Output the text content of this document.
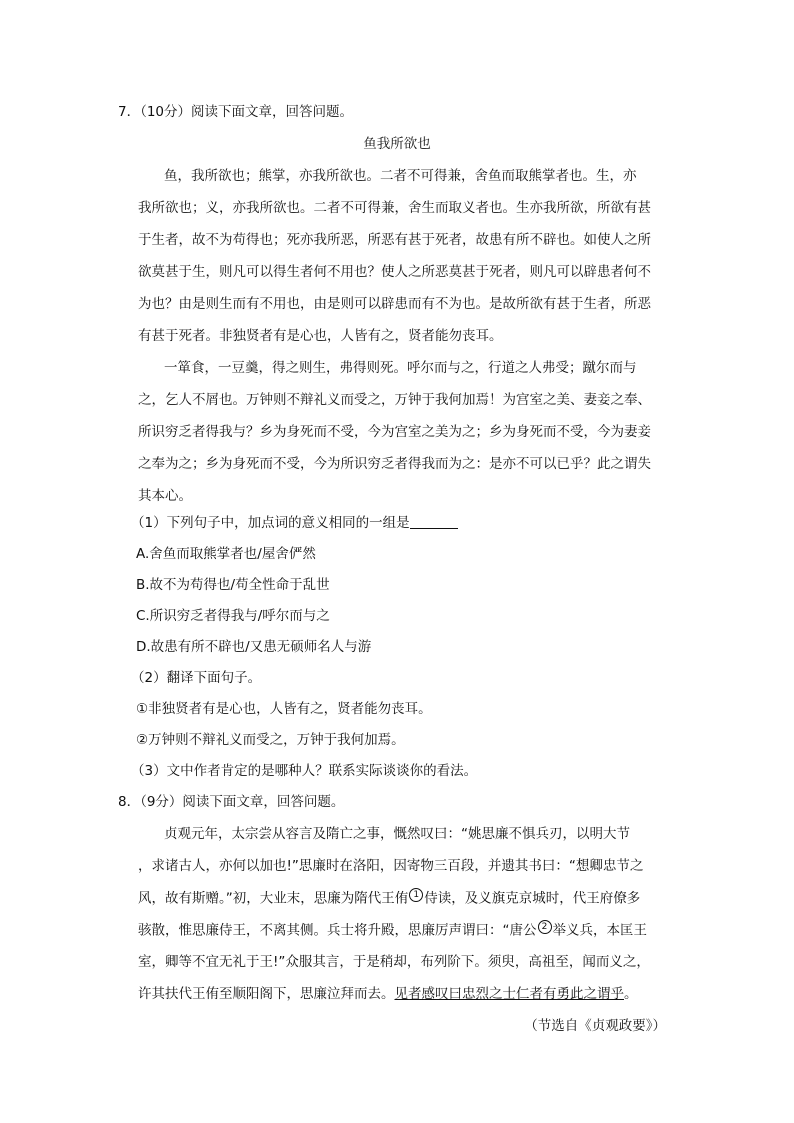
7．（10分）阅读下面文章，回答问题。
鱼我所欲也
鱼，我所欲也；熊掌，亦我所欲也。二者不可得兼，舍鱼而取熊掌者也。生，亦
我所欲也；义，亦我所欲也。二者不可得兼，舍生而取义者也。生亦我所欲，所欲有甚
于生者，故不为苟得也；死亦我所恶，所恶有甚于死者，故患有所不辟也。如使人之所
欲莫甚于生，则凡可以得生者何不用也？使人之所恶莫甚于死者，则凡可以辟患者何不
为也？由是则生而有不用也，由是则可以辟患而有不为也。是故所欲有甚于生者，所恶
有甚于死者。非独贤者有是心也，人皆有之，贤者能勿丧耳。
一箪食，一豆羹，得之则生，弗得则死。呼尔而与之，行道之人弗受；蹴尔而与
之，乞人不屑也。万钟则不辩礼义而受之，万钟于我何加焉！为宫室之美、妻妾之奉、
所识穷乏者得我与？乡为身死而不受，今为宫室之美为之；乡为身死而不受，今为妻妾
之奉为之；乡为身死而不受，今为所识穷乏者得我而为之：是亦不可以已乎？此之谓失
其本心。
（1）下列句子中，加点词的意义相同的一组是
A.舍鱼而取熊掌者也/屋舍俨然
B.故不为苟得也/苟全性命于乱世
C.所识穷乏者得我与/呼尔而与之
D.故患有所不辟也/又患无硕师名人与游
（2）翻译下面句子。
①非独贤者有是心也，人皆有之，贤者能勿丧耳。
②万钟则不辩礼义而受之，万钟于我何加焉。
（3）文中作者肯定的是哪种人？联系实际谈谈你的看法。
8．（9分）阅读下面文章，回答问题。
贞观元年，太宗尝从容言及隋亡之事，慨然叹曰：“姚思廉不惧兵刃，以明大节
，求诸古人，亦何以加也!”思廉时在洛阳，因寄物三百段，并遗其书曰：“想卿忠节之
风，故有斯赠。”初，大业末，思廉为隋代王侑 1 侍读，及义旗克京城时，代王府僚多
骇散，惟思廉侍王，不离其侧。兵士将升殿，思廉厉声谓曰：“唐公 2 举义兵，本匡王
室，卿等不宜无礼于王!”众服其言，于是稍却，布列阶下。须臾，高祖至，闻而义之，
许其扶代王侑至顺阳阁下，思廉泣拜而去。见者感叹曰忠烈之士仁者有勇此之谓乎。
（节选自《贞观政要》）
